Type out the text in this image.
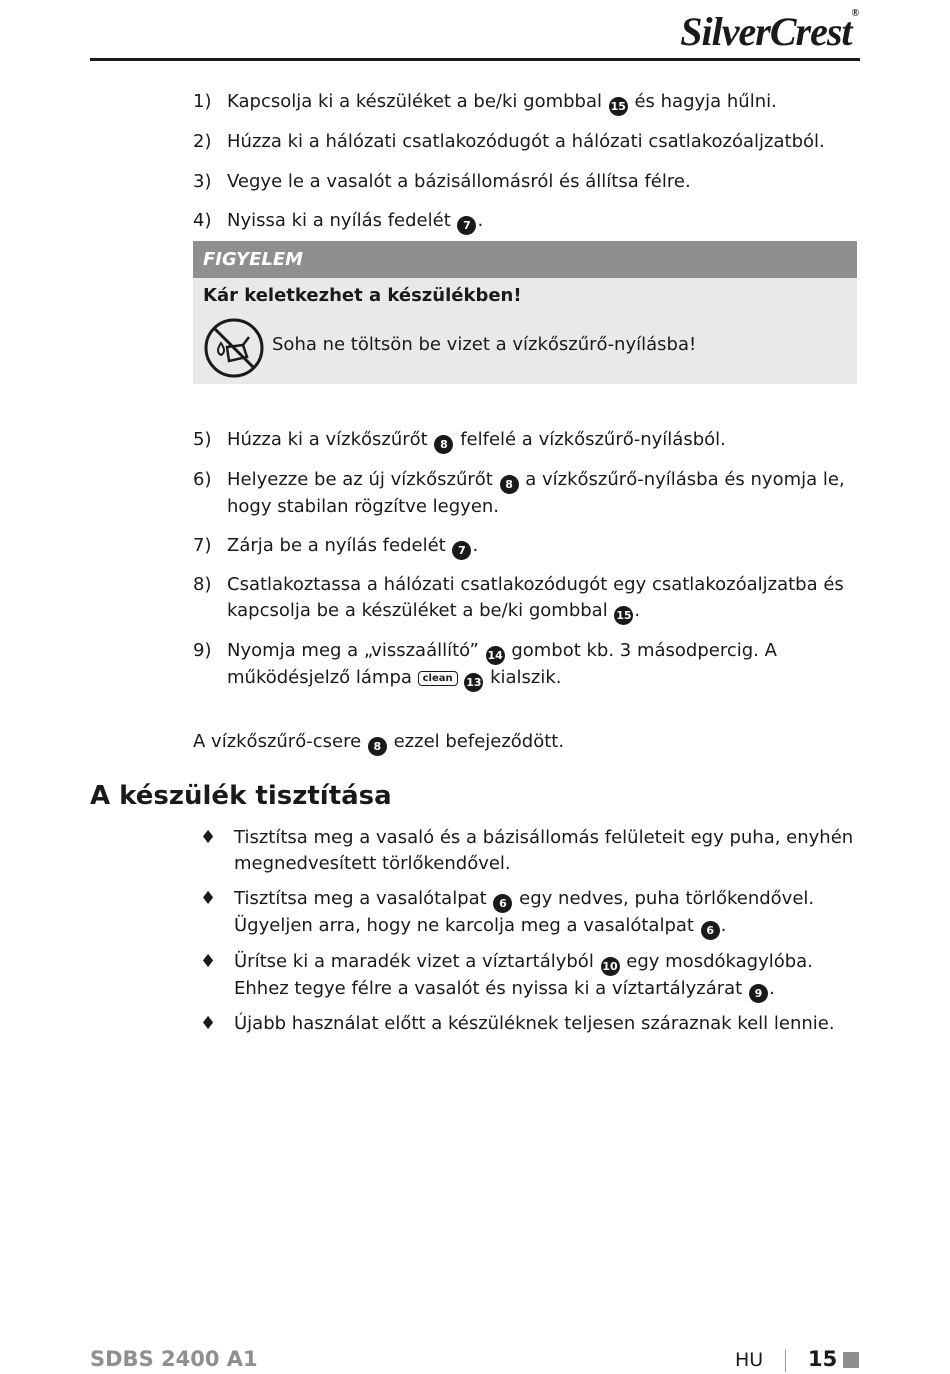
SilverCrest®
1) Kapcsolja ki a készüléket a be/ki gombbal 15 és hagyja hűlni.
2) Húzza ki a hálózati csatlakozódugót a hálózati csatlakozóaljzatból.
3) Vegye le a vasalót a bázisállomásról és állítsa félre.
4) Nyissa ki a nyílás fedelét 7 .
FIGYELEM
Kár keletkezhet a készülékben!
Soha ne töltsön be vizet a vízkőszűrő-nyílásba!
5) Húzza ki a vízkőszűrőt 8 felfelé a vízkőszűrő-nyílásból.
6) Helyezze be az új vízkőszűrőt 8 a vízkőszűrő-nyílásba és nyomja le, hogy stabilan rögzítve legyen.
7) Zárja be a nyílás fedelét 7 .
8) Csatlakoztassa a hálózati csatlakozódugót egy csatlakozóaljzatba és kapcsolja be a készüléket a be/ki gombbal 15 .
9) Nyomja meg a „visszaállító” 14 gombot kb. 3 másodpercig. A működésjelző lámpa clean 13 kialszik.
A vízkőszűrő-csere 8 ezzel befejeződött.
A készülék tisztítása
♦ Tisztítsa meg a vasaló és a bázisállomás felületeit egy puha, enyhén megnedvesített törlőkendővel.
♦ Tisztítsa meg a vasalótalpat 6 egy nedves, puha törlőkendővel. Ügyeljen arra, hogy ne karcolja meg a vasalótalpat 6 .
♦ Ürítse ki a maradék vizet a víztartályból 10 egy mosdókagylóba. Ehhez tegye félre a vasalót és nyissa ki a víztartályzárat 9 .
♦ Újabb használat előtt a készüléknek teljesen száraznak kell lennie.
SDBS 2400 A1	HU 15
